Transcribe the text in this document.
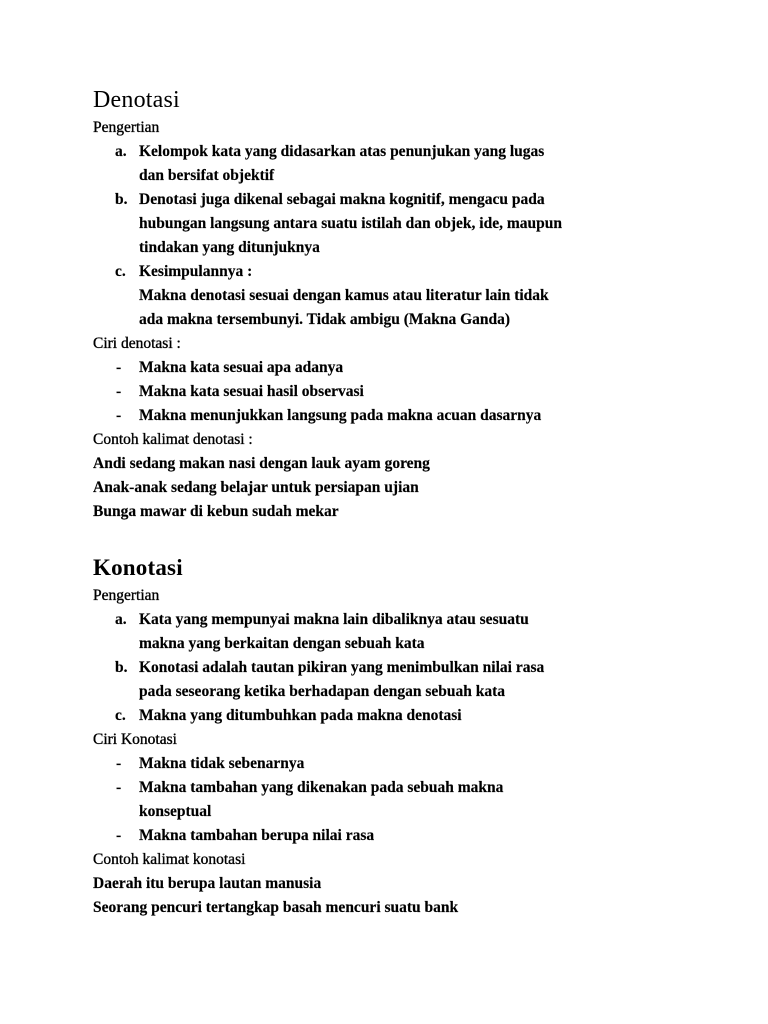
Denotasi
Pengertian
a. Kelompok kata yang didasarkan atas penunjukan yang lugas
dan bersifat objektif
b. Denotasi juga dikenal sebagai makna kognitif, mengacu pada
hubungan langsung antara suatu istilah dan objek, ide, maupun
tindakan yang ditunjuknya
c. Kesimpulannya :
Makna denotasi sesuai dengan kamus atau literatur lain tidak
ada makna tersembunyi. Tidak ambigu (Makna Ganda)
Ciri denotasi :
-	Makna kata sesuai apa adanya
-	Makna kata sesuai hasil observasi
-	Makna menunjukkan langsung pada makna acuan dasarnya
Contoh kalimat denotasi :
Andi sedang makan nasi dengan lauk ayam goreng
Anak-anak sedang belajar untuk persiapan ujian
Bunga mawar di kebun sudah mekar
Konotasi
Pengertian
a. Kata yang mempunyai makna lain dibaliknya atau sesuatu
makna yang berkaitan dengan sebuah kata
b. Konotasi adalah tautan pikiran yang menimbulkan nilai rasa
pada seseorang ketika berhadapan dengan sebuah kata
c. Makna yang ditumbuhkan pada makna denotasi
Ciri Konotasi
-	Makna tidak sebenarnya
-	Makna tambahan yang dikenakan pada sebuah makna
konseptual
-	Makna tambahan berupa nilai rasa
Contoh kalimat konotasi
Daerah itu berupa lautan manusia
Seorang pencuri tertangkap basah mencuri suatu bank
